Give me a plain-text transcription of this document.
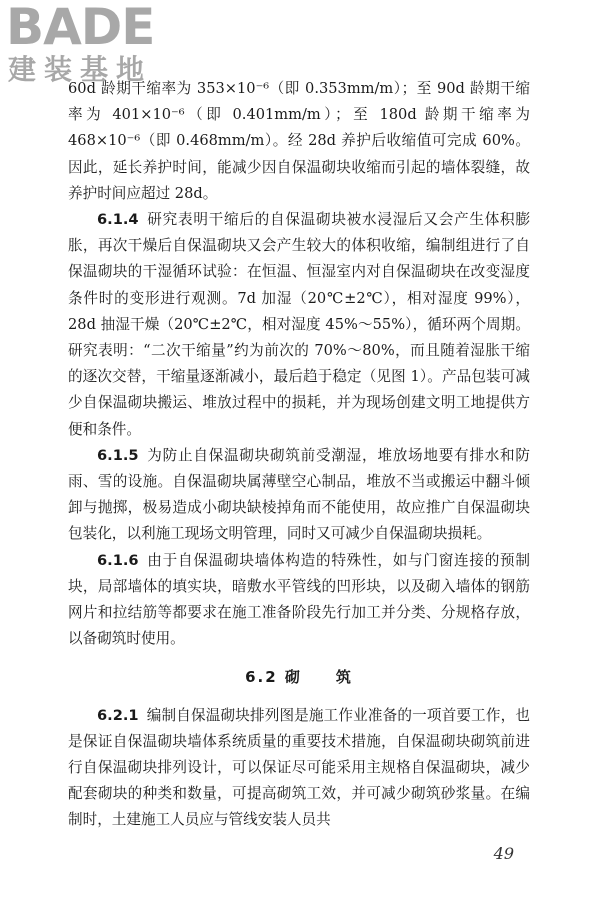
BADE
建装基地

60d 龄期干缩率为 353×10⁻⁶（即 0.353mm/m）；至 90d 龄期干缩率为 401×10⁻⁶（即 0.401mm/m）；至 180d 龄期干缩率为 468×10⁻⁶（即 0.468mm/m）。经 28d 养护后收缩值可完成 60%。因此，延长养护时间，能减少因自保温砌块收缩而引起的墙体裂缝，故养护时间应超过 28d。

6.1.4 研究表明干缩后的自保温砌块被水浸湿后又会产生体积膨胀，再次干燥后自保温砌块又会产生较大的体积收缩，编制组进行了自保温砌块的干湿循环试验：在恒温、恒湿室内对自保温砌块在改变湿度条件时的变形进行观测。7d 加湿（20℃±2℃），相对湿度 99%），28d 抽湿干燥（20℃±2℃，相对湿度 45%～55%），循环两个周期。研究表明：“二次干缩量”约为前次的 70%～80%，而且随着湿胀干缩的逐次交替，干缩量逐渐减小，最后趋于稳定（见图 1）。产品包装可减少自保温砌块搬运、堆放过程中的损耗，并为现场创建文明工地提供方便和条件。

6.1.5 为防止自保温砌块砌筑前受潮湿，堆放场地要有排水和防雨、雪的设施。自保温砌块属薄壁空心制品，堆放不当或搬运中翻斗倾卸与抛掷，极易造成小砌块缺棱掉角而不能使用，故应推广自保温砌块包装化，以利施工现场文明管理，同时又可减少自保温砌块损耗。

6.1.6 由于自保温砌块墙体构造的特殊性，如与门窗连接的预制块，局部墙体的填实块，暗敷水平管线的凹形块，以及砌入墙体的钢筋网片和拉结筋等都要求在施工准备阶段先行加工并分类、分规格存放，以备砌筑时使用。

6.2 砌　　筑

6.2.1 编制自保温砌块排列图是施工作业准备的一项首要工作，也是保证自保温砌块墙体系统质量的重要技术措施，自保温砌块砌筑前进行自保温砌块排列设计，可以保证尽可能采用主规格自保温砌块，减少配套砌块的种类和数量，可提高砌筑工效，并可减少砌筑砂浆量。在编制时，土建施工人员应与管线安装人员共

49
